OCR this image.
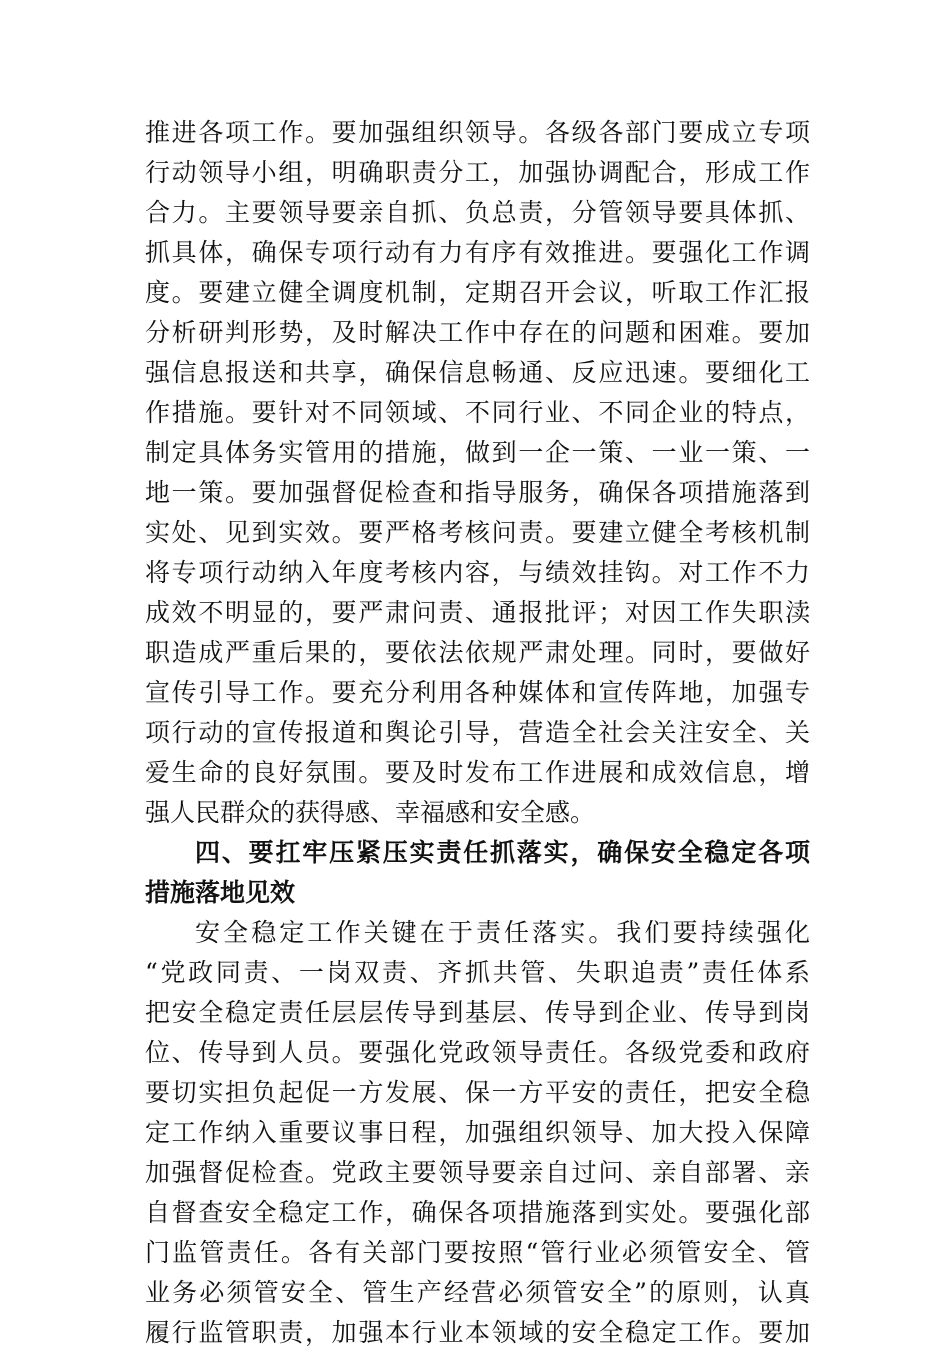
推进各项工作。要加强组织领导。各级各部门要成立专项
行动领导小组，明确职责分工，加强协调配合，形成工作
合力。主要领导要亲自抓、负总责，分管领导要具体抓、
抓具体，确保专项行动有力有序有效推进。要强化工作调
度。要建立健全调度机制，定期召开会议，听取工作汇报
分析研判形势，及时解决工作中存在的问题和困难。要加
强信息报送和共享，确保信息畅通、反应迅速。要细化工
作措施。要针对不同领域、不同行业、不同企业的特点，
制定具体务实管用的措施，做到一企一策、一业一策、一
地一策。要加强督促检查和指导服务，确保各项措施落到
实处、见到实效。要严格考核问责。要建立健全考核机制
将专项行动纳入年度考核内容，与绩效挂钩。对工作不力
成效不明显的，要严肃问责、通报批评；对因工作失职渎
职造成严重后果的，要依法依规严肃处理。同时，要做好
宣传引导工作。要充分利用各种媒体和宣传阵地，加强专
项行动的宣传报道和舆论引导，营造全社会关注安全、关
爱生命的良好氛围。要及时发布工作进展和成效信息，增
强人民群众的获得感、幸福感和安全感。
四、要扛牢压紧压实责任抓落实，确保安全稳定各项
措施落地见效
安全稳定工作关键在于责任落实。我们要持续强化
“党政同责、一岗双责、齐抓共管、失职追责”责任体系
把安全稳定责任层层传导到基层、传导到企业、传导到岗
位、传导到人员。要强化党政领导责任。各级党委和政府
要切实担负起促一方发展、保一方平安的责任，把安全稳
定工作纳入重要议事日程，加强组织领导、加大投入保障
加强督促检查。党政主要领导要亲自过问、亲自部署、亲
自督查安全稳定工作，确保各项措施落到实处。要强化部
门监管责任。各有关部门要按照“管行业必须管安全、管
业务必须管安全、管生产经营必须管安全”的原则，认真
履行监管职责，加强本行业本领域的安全稳定工作。要加
